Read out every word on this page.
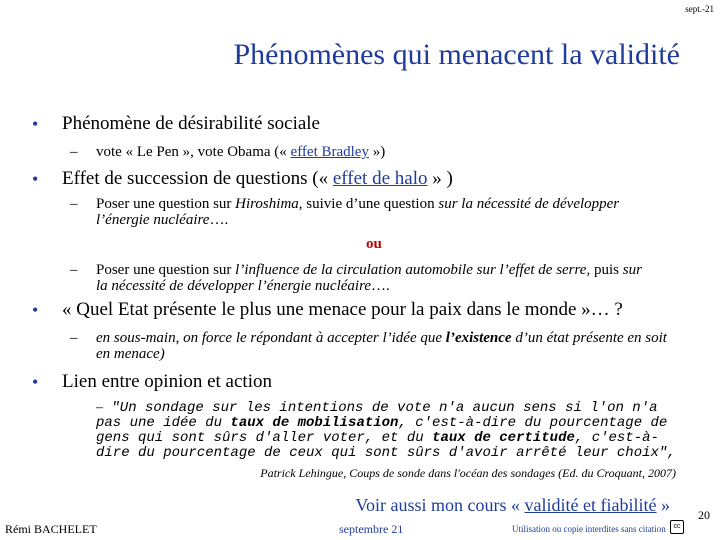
sept.-21
Phénomènes qui menacent la validité
• Phénomène de désirabilité sociale
– vote « Le Pen », vote Obama (« effet Bradley »)
• Effet de succession de questions (« effet de halo » )
– Poser une question sur Hiroshima, suivie d’une question sur la nécessité de développer l’énergie nucléaire….
ou
– Poser une question sur l’influence de la circulation automobile sur l’effet de serre, puis sur la nécessité de développer l’énergie nucléaire….
• « Quel Etat présente le plus une menace pour la paix dans le monde »… ?
– en sous-main, on force le répondant à accepter l’idée que l’existence d’un état présente en soit en menace)
• Lien entre opinion et action
– "Un sondage sur les intentions de vote n'a aucun sens si l'on n'a pas une idée du taux de mobilisation, c'est-à-dire du pourcentage de gens qui sont sûrs d'aller voter, et du taux de certitude, c'est-à-dire du pourcentage de ceux qui sont sûrs d'avoir arrêté leur choix",
Patrick Lehingue, Coups de sonde dans l'océan des sondages (Ed. du Croquant, 2007)
Voir aussi mon cours « validité et fiabilité »
Rémi BACHELET	septembre 21	Utilisation ou copie interdites sans citation	cc
20
